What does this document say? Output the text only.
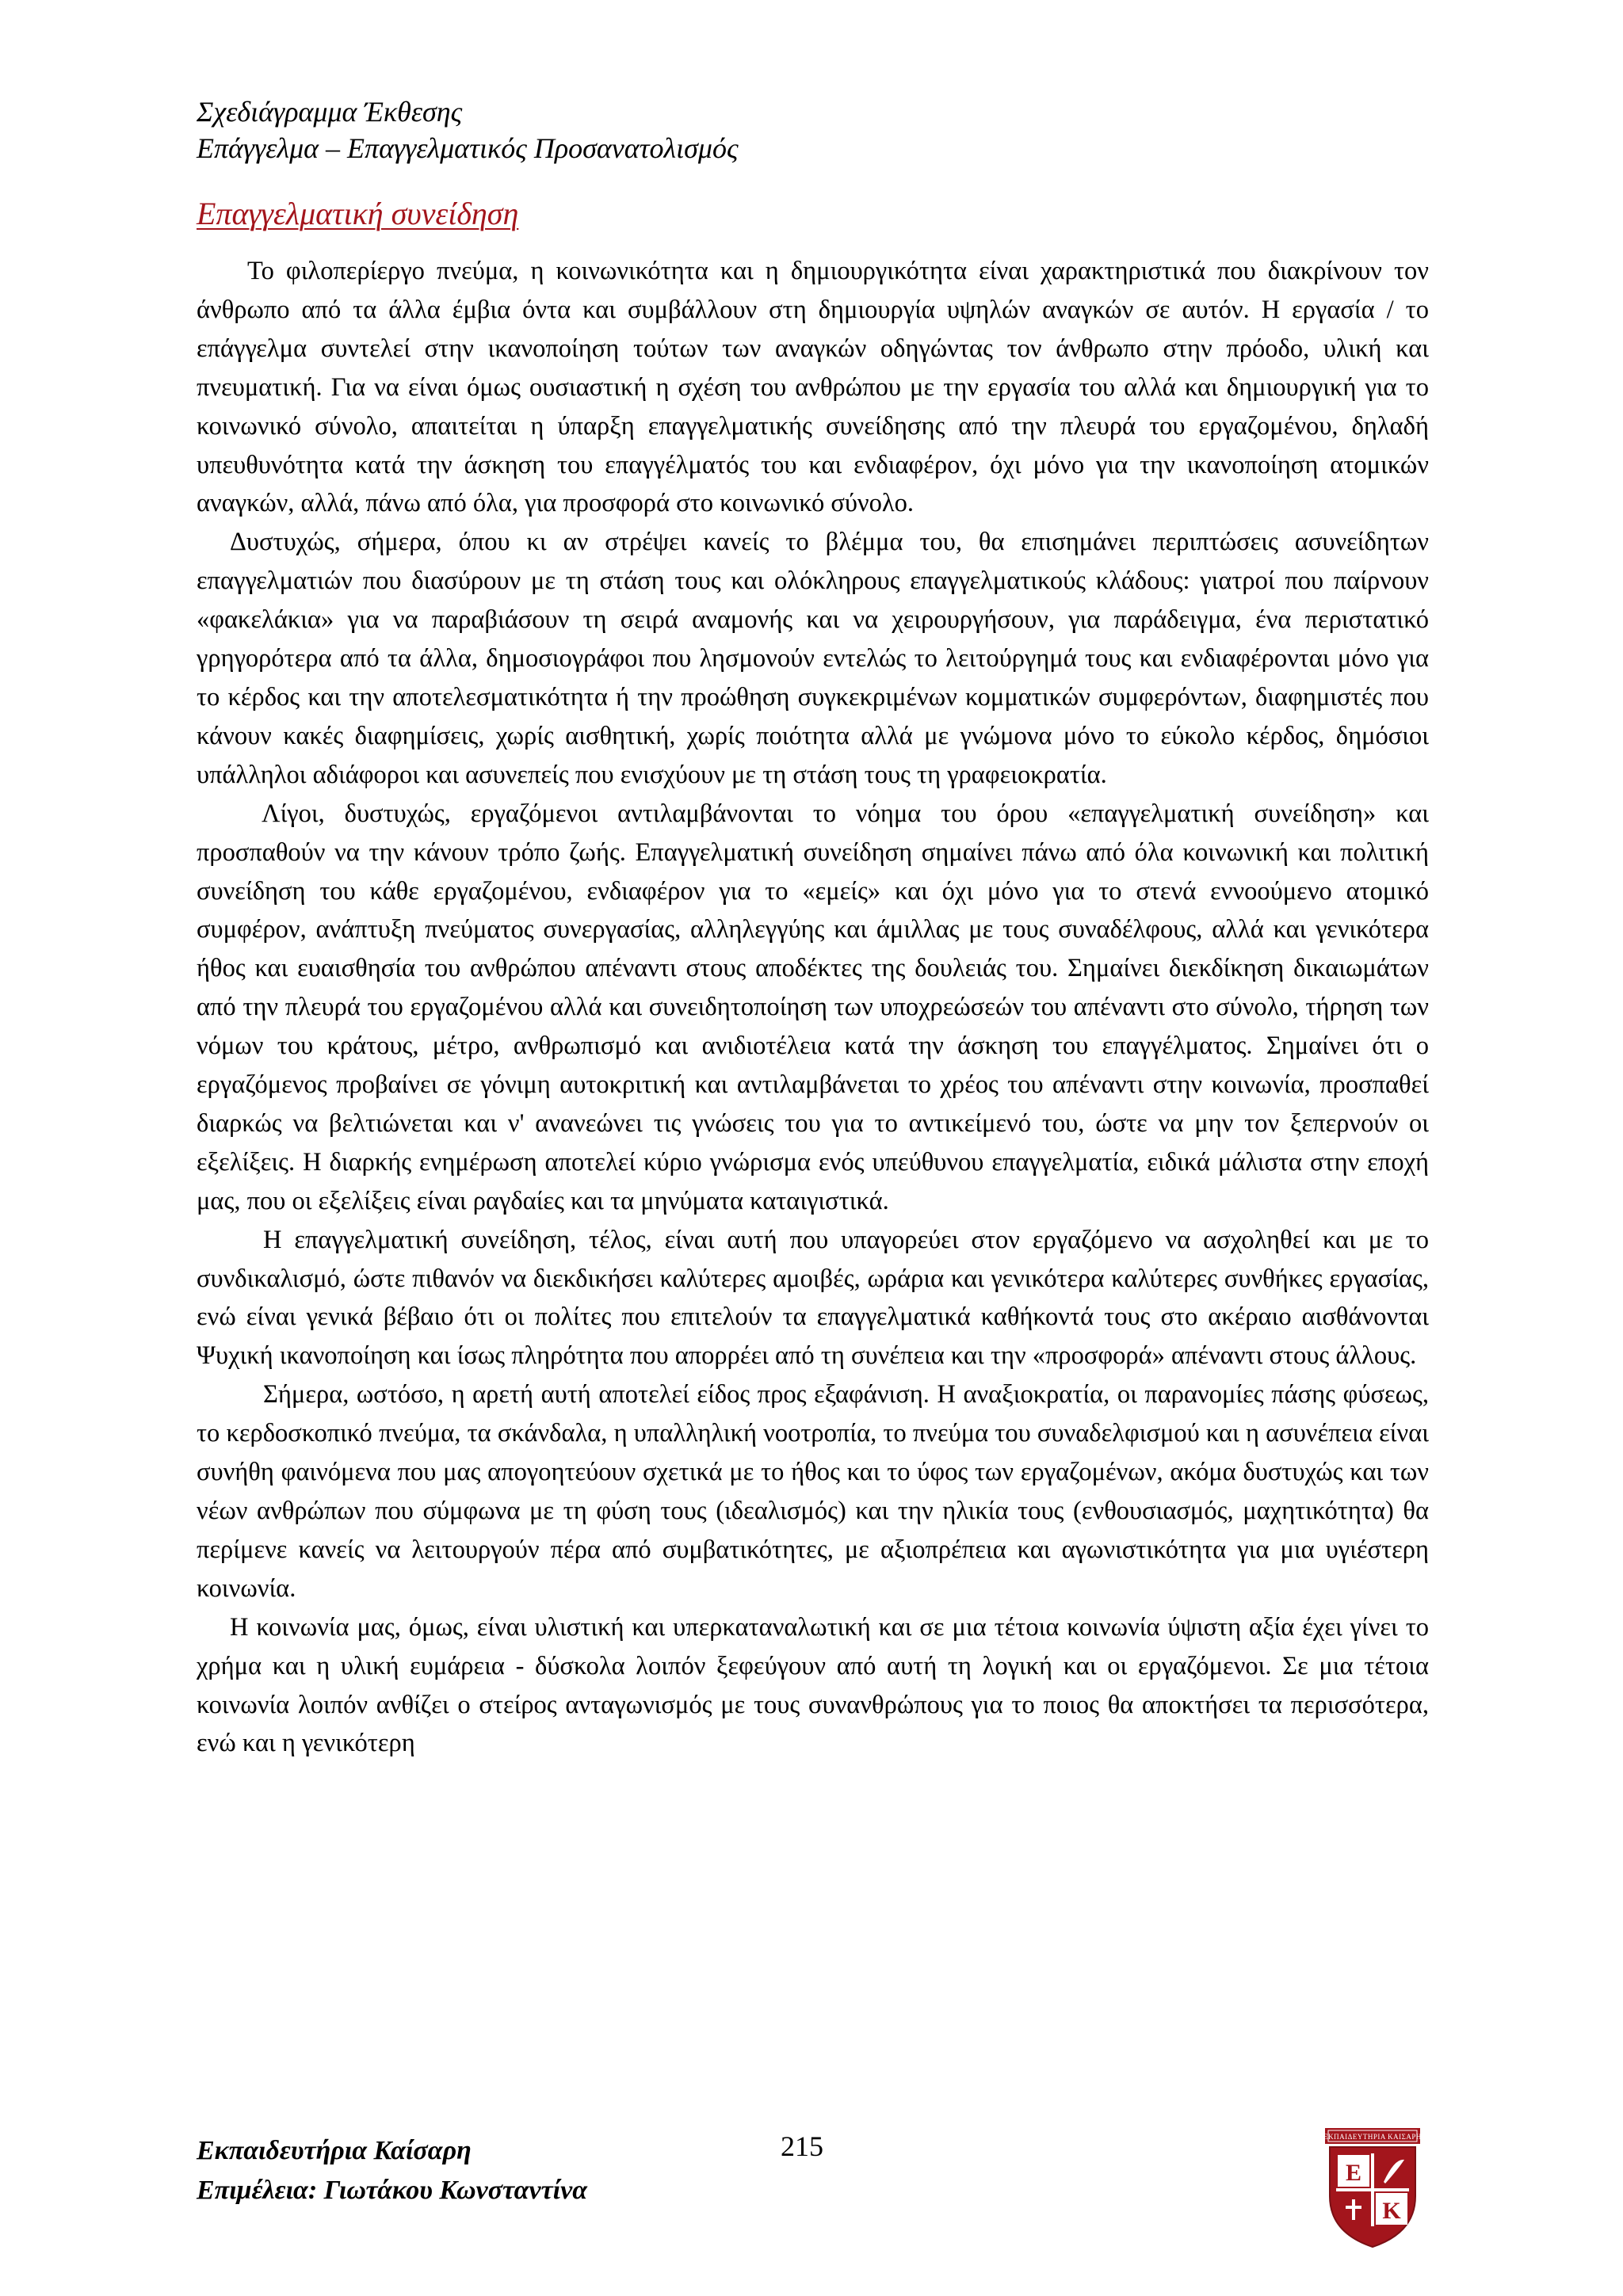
Σχεδιάγραμμα Έκθεσης
Επάγγελμα – Επαγγελματικός Προσανατολισμός
Επαγγελματική συνείδηση

Το φιλοπερίεργο πνεύμα, η κοινωνικότητα και η δημιουργικότητα είναι χαρακτηριστικά που διακρίνουν τον άνθρωπο από τα άλλα έμβια όντα και συμβάλλουν στη δημιουργία υψηλών αναγκών σε αυτόν. Η εργασία / το επάγγελμα συντελεί στην ικανοποίηση τούτων των αναγκών οδηγώντας τον άνθρωπο στην πρόοδο, υλική και πνευματική. Για να είναι όμως ουσιαστική η σχέση του ανθρώπου με την εργασία του αλλά και δημιουργική για το κοινωνικό σύνολο, απαιτείται η ύπαρξη επαγγελματικής συνείδησης από την πλευρά του εργαζομένου, δηλαδή υπευθυνότητα κατά την άσκηση του επαγγέλματός του και ενδιαφέρον, όχι μόνο για την ικανοποίηση ατομικών αναγκών, αλλά, πάνω από όλα, για προσφορά στο κοινωνικό σύνολο.

Δυστυχώς, σήμερα, όπου κι αν στρέψει κανείς το βλέμμα του, θα επισημάνει περιπτώσεις ασυνείδητων επαγγελματιών που διασύρουν με τη στάση τους και ολόκληρους επαγγελματικούς κλάδους: γιατροί που παίρνουν «φακελάκια» για να παραβιάσουν τη σειρά αναμονής και να χειρουργήσουν, για παράδειγμα, ένα περιστατικό γρηγορότερα από τα άλλα, δημοσιογράφοι που λησμονούν εντελώς το λειτούργημά τους και ενδιαφέρονται μόνο για το κέρδος και την αποτελεσματικότητα ή την προώθηση συγκεκριμένων κομματικών συμφερόντων, διαφημιστές που κάνουν κακές διαφημίσεις, χωρίς αισθητική, χωρίς ποιότητα αλλά με γνώμονα μόνο το εύκολο κέρδος, δημόσιοι υπάλληλοι αδιάφοροι και ασυνεπείς που ενισχύουν με τη στάση τους τη γραφειοκρατία.

Λίγοι, δυστυχώς, εργαζόμενοι αντιλαμβάνονται το νόημα του όρου «επαγγελματική συνείδηση» και προσπαθούν να την κάνουν τρόπο ζωής. Επαγγελματική συνείδηση σημαίνει πάνω από όλα κοινωνική και πολιτική συνείδηση του κάθε εργαζομένου, ενδιαφέρον για το «εμείς» και όχι μόνο για το στενά εννοούμενο ατομικό συμφέρον, ανάπτυξη πνεύματος συνεργασίας, αλληλεγγύης και άμιλλας με τους συναδέλφους, αλλά και γενικότερα ήθος και ευαισθησία του ανθρώπου απέναντι στους αποδέκτες της δουλειάς του. Σημαίνει διεκδίκηση δικαιωμάτων από την πλευρά του εργαζομένου αλλά και συνειδητοποίηση των υποχρεώσεών του απέναντι στο σύνολο, τήρηση των νόμων του κράτους, μέτρο, ανθρωπισμό και ανιδιοτέλεια κατά την άσκηση του επαγγέλματος. Σημαίνει ότι ο εργαζόμενος προβαίνει σε γόνιμη αυτοκριτική και αντιλαμβάνεται το χρέος του απέναντι στην κοινωνία, προσπαθεί διαρκώς να βελτιώνεται και ν' ανανεώνει τις γνώσεις του για το αντικείμενό του, ώστε να μην τον ξεπερνούν οι εξελίξεις. Η διαρκής ενημέρωση αποτελεί κύριο γνώρισμα ενός υπεύθυνου επαγγελματία, ειδικά μάλιστα στην εποχή μας, που οι εξελίξεις είναι ραγδαίες και τα μηνύματα καταιγιστικά.

Η επαγγελματική συνείδηση, τέλος, είναι αυτή που υπαγορεύει στον εργαζόμενο να ασχοληθεί και με το συνδικαλισμό, ώστε πιθανόν να διεκδικήσει καλύτερες αμοιβές, ωράρια και γενικότερα καλύτερες συνθήκες εργασίας, ενώ είναι γενικά βέβαιο ότι οι πολίτες που επιτελούν τα επαγγελματικά καθήκοντά τους στο ακέραιο αισθάνονται Ψυχική ικανοποίηση και ίσως πληρότητα που απορρέει από τη συνέπεια και την «προσφορά» απέναντι στους άλλους.

Σήμερα, ωστόσο, η αρετή αυτή αποτελεί είδος προς εξαφάνιση. Η αναξιοκρατία, οι παρανομίες πάσης φύσεως, το κερδοσκοπικό πνεύμα, τα σκάνδαλα, η υπαλληλική νοοτροπία, το πνεύμα του συναδελφισμού και η ασυνέπεια είναι συνήθη φαινόμενα που μας απογοητεύουν σχετικά με το ήθος και το ύφος των εργαζομένων, ακόμα δυστυχώς και των νέων ανθρώπων που σύμφωνα με τη φύση τους (ιδεαλισμός) και την ηλικία τους (ενθουσιασμός, μαχητικότητα) θα περίμενε κανείς να λειτουργούν πέρα από συμβατικότητες, με αξιοπρέπεια και αγωνιστικότητα για μια υγιέστερη κοινωνία.

Η κοινωνία μας, όμως, είναι υλιστική και υπερκαταναλωτική και σε μια τέτοια κοινωνία ύψιστη αξία έχει γίνει το χρήμα και η υλική ευμάρεια - δύσκολα λοιπόν ξεφεύγουν από αυτή τη λογική και οι εργαζόμενοι. Σε μια τέτοια κοινωνία λοιπόν ανθίζει ο στείρος ανταγωνισμός με τους συνανθρώπους για το ποιος θα αποκτήσει τα περισσότερα, ενώ και η γενικότερη

Εκπαιδευτήρια Καίσαρη
Επιμέλεια: Γιωτάκου Κωνσταντίνα
215	ΕΚΠΑΙΔΕΥΤΗΡΙΑ ΚΑΙΣΑΡΗ
E
K
